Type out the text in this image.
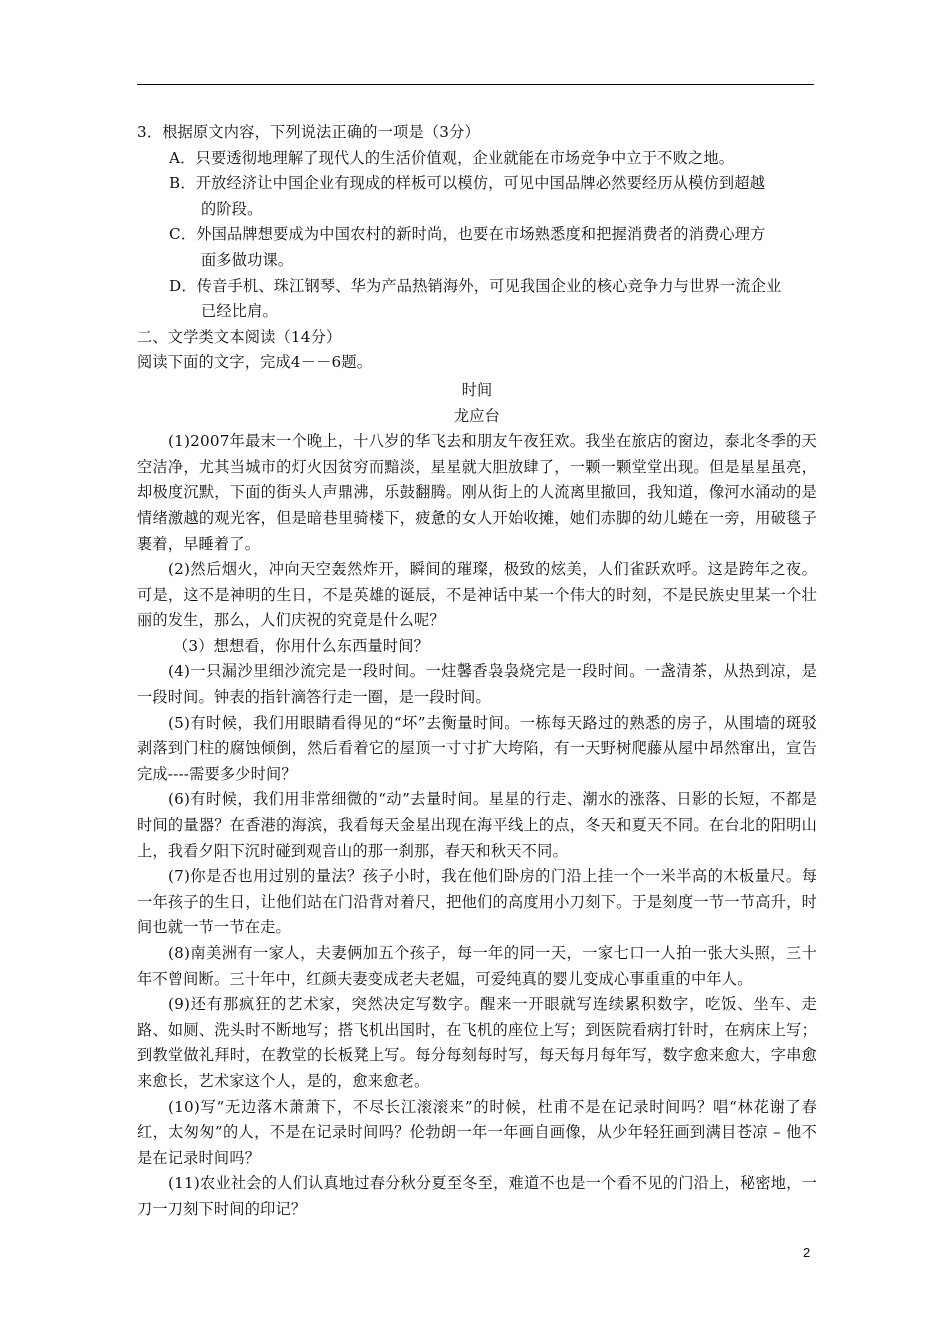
3．根据原文内容，下列说法正确的一项是（3分）

A．只要透彻地理解了现代人的生活价值观，企业就能在市场竞争中立于不败之地。

B．开放经济让中国企业有现成的样板可以模仿，可见中国品牌必然要经历从模仿到超越

的阶段。

C．外国品牌想要成为中国农村的新时尚，也要在市场熟悉度和把握消费者的消费心理方

面多做功课。

D．传音手机、珠江钢琴、华为产品热销海外，可见我国企业的核心竞争力与世界一流企业

已经比肩。

二、文学类文本阅读（14分）

阅读下面的文字，完成4－－6题。

时间

龙应台

(1)2007年最末一个晚上，十八岁的华飞去和朋友午夜狂欢。我坐在旅店的窗边，泰北冬季的天空洁净，尤其当城市的灯火因贫穷而黯淡，星星就大胆放肆了，一颗一颗堂堂出现。但是星星虽亮，却极度沉默，下面的街头人声鼎沸，乐鼓翻腾。刚从街上的人流离里撤回，我知道，像河水涌动的是情绪激越的观光客，但是暗巷里骑楼下，疲惫的女人开始收摊，她们赤脚的幼儿蜷在一旁，用破毯子裹着，早睡着了。

(2)然后烟火，冲向天空轰然炸开，瞬间的璀璨，极致的炫美，人们雀跃欢呼。这是跨年之夜。可是，这不是神明的生日，不是英雄的诞辰，不是神话中某一个伟大的时刻，不是民族史里某一个壮丽的发生，那么，人们庆祝的究竟是什么呢？

（3）想想看，你用什么东西量时间？

(4)一只漏沙里细沙流完是一段时间。一炷馨香袅袅烧完是一段时间。一盏清茶，从热到凉，是一段时间。钟表的指针滴答行走一圈，是一段时间。

(5)有时候，我们用眼睛看得见的“坏”去衡量时间。一栋每天路过的熟悉的房子，从围墙的斑驳剥落到门柱的腐蚀倾倒，然后看着它的屋顶一寸寸扩大垮陷，有一天野树爬藤从屋中昂然窜出，宣告完成----需要多少时间？

(6)有时候，我们用非常细微的“动”去量时间。星星的行走、潮水的涨落、日影的长短，不都是时间的量器？在香港的海滨，我看每天金星出现在海平线上的点，冬天和夏天不同。在台北的阳明山上，我看夕阳下沉时碰到观音山的那一刹那，春天和秋天不同。

(7)你是否也用过别的量法？孩子小时，我在他们卧房的门沿上挂一个一米半高的木板量尺。每一年孩子的生日，让他们站在门沿背对着尺，把他们的高度用小刀刻下。于是刻度一节一节高升，时间也就一节一节在走。

(8)南美洲有一家人，夫妻俩加五个孩子，每一年的同一天，一家七口一人拍一张大头照，三十年不曾间断。三十年中，红颜夫妻变成老夫老媪，可爱纯真的婴儿变成心事重重的中年人。

(9)还有那疯狂的艺术家，突然决定写数字。醒来一开眼就写连续累积数字，吃饭、坐车、走路、如厕、洗头时不断地写；搭飞机出国时，在飞机的座位上写；到医院看病打针时，在病床上写；到教堂做礼拜时，在教堂的长板凳上写。每分每刻每时写，每天每月每年写，数字愈来愈大，字串愈来愈长，艺术家这个人，是的，愈来愈老。

(10)写“无边落木萧萧下，不尽长江滚滚来”的时候，杜甫不是在记录时间吗？唱“林花谢了春红，太匆匆”的人，不是在记录时间吗？伦勃朗一年一年画自画像，从少年轻狂画到满目苍凉 – 他不是在记录时间吗？

(11)农业社会的人们认真地过春分秋分夏至冬至，难道不也是一个看不见的门沿上，秘密地，一刀一刀刻下时间的印记？

2
